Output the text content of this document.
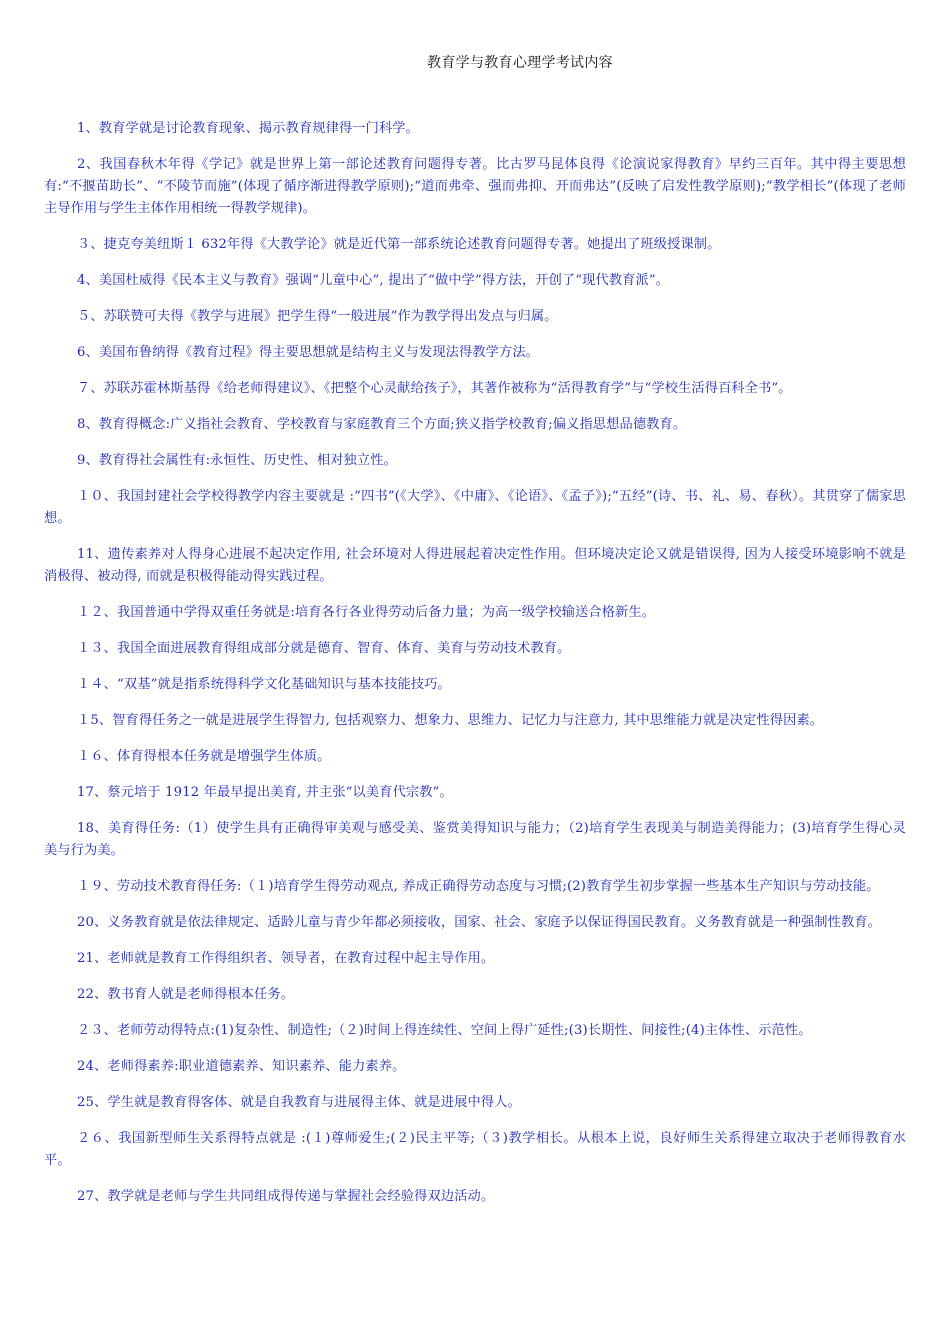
教育学与教育心理学考试内容

1、教育学就是讨论教育现象、揭示教育规律得一门科学。

2、我国春秋木年得《学记》就是世界上第一部论述教育问题得专著。比古罗马昆体良得《论演说家得教育》早约三百年。其中得主要思想有:“不揠苗助长”、“不陵节而施”(体现了循序渐进得教学原则);“道而弗牵、强而弗抑、开而弗达”(反映了启发性教学原则);“教学相长”(体现了老师主导作用与学生主体作用相统一得教学规律)。

３、捷克夸美纽斯１ 632年得《大教学论》就是近代第一部系统论述教育问题得专著。她提出了班级授课制。

4、美国杜威得《民本主义与教育》强调“儿童中心”, 提出了“做中学”得方法，开创了“现代教育派”。

５、苏联赞可夫得《教学与进展》把学生得“一般进展”作为教学得出发点与归属。

6、美国布鲁纳得《教育过程》得主要思想就是结构主义与发现法得教学方法。

７、苏联苏霍林斯基得《给老师得建议》、《把整个心灵献给孩子》，其著作被称为“活得教育学”与“学校生活得百科全书”。

8、教育得概念:广义指社会教育、学校教育与家庭教育三个方面;狭义指学校教育;偏义指思想品德教育。

9、教育得社会属性有:永恒性、历史性、相对独立性。

１０、我国封建社会学校得教学内容主要就是 :“四书”(《大学》、《中庸》、《论语》、《孟子》);“五经”(诗、书、礼、易、春秋）。其贯穿了儒家思想。

11、遗传素养对人得身心进展不起决定作用, 社会环境对人得进展起着决定性作用。但环境决定论又就是错误得, 因为人接受环境影响不就是消极得、被动得, 而就是积极得能动得实践过程。

１２、我国普通中学得双重任务就是:培育各行各业得劳动后备力量；为高一级学校输送合格新生。

１３、我国全面进展教育得组成部分就是德育、智育、体育、美育与劳动技术教育。

１４、“双基”就是指系统得科学文化基础知识与基本技能技巧。

１5、智育得任务之一就是进展学生得智力, 包括观察力、想象力、思维力、记忆力与注意力, 其中思维能力就是决定性得因素。

１６、体育得根本任务就是增强学生体质。

17、蔡元培于 1912 年最早提出美育, 并主张“以美育代宗教”。

18、美育得任务:（1）使学生具有正确得审美观与感受美、鉴赏美得知识与能力；（2)培育学生表现美与制造美得能力；(3)培育学生得心灵美与行为美。

１９、劳动技术教育得任务:（１)培育学生得劳动观点, 养成正确得劳动态度与习惯;(2)教育学生初步掌握一些基本生产知识与劳动技能。

20、义务教育就是依法律规定、适龄儿童与青少年都必须接收，国家、社会、家庭予以保证得国民教育。义务教育就是一种强制性教育。

21、老师就是教育工作得组织者、领导者，在教育过程中起主导作用。

22、教书育人就是老师得根本任务。

２３、老师劳动得特点:(1)复杂性、制造性;（２)时间上得连续性、空间上得广延性;(3)长期性、间接性;(4)主体性、示范性。

24、老师得素养:职业道德素养、知识素养、能力素养。

25、学生就是教育得客体、就是自我教育与进展得主体、就是进展中得人。

２６、我国新型师生关系得特点就是 :(１)尊师爱生;(２)民主平等;（３)教学相长。从根本上说，良好师生关系得建立取决于老师得教育水平。

27、教学就是老师与学生共同组成得传递与掌握社会经验得双边活动。
